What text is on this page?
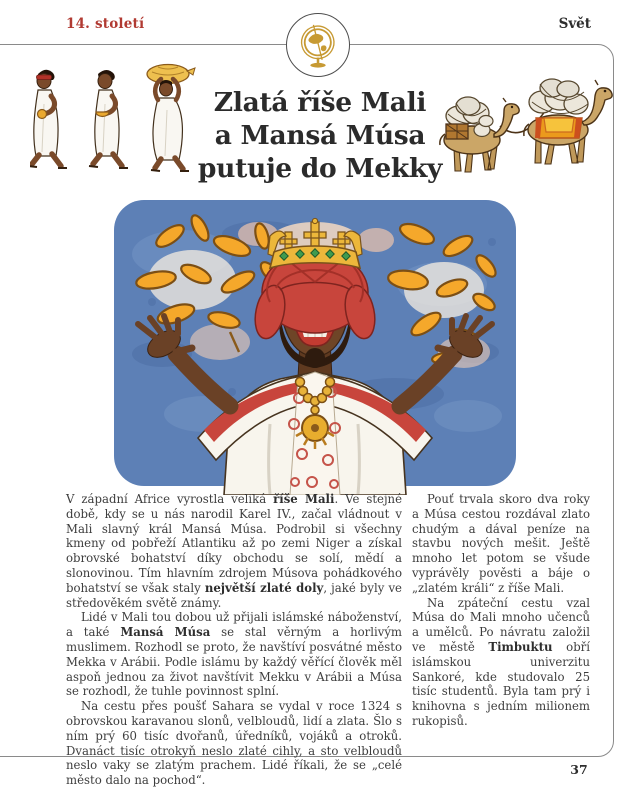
14. století	Svět
Zlatá říše Mali
a Mansá Músa
putuje do Mekky

V západní Africe vyrostla veliká říše Mali. Ve stejné době, kdy se u nás narodil Karel IV., začal vládnout v Mali slavný král Mansá Músa. Podrobil si všechny kmeny od pobřeží Atlantiku až po zemi Niger a získal obrovské bohatství díky obchodu se solí, mědí a slonovinou. Tím hlavním zdrojem Músova pohádkového bohatství se však staly největší zlaté doly, jaké byly ve středověkém světě známy.

Lidé v Mali tou dobou už přijali islámské náboženství, a také Mansá Músa se stal věrným a horlivým muslimem. Rozhodl se proto, že navštíví posvátné město Mekka v Arábii. Podle islámu by každý věřící člověk měl aspoň jednou za život navštívit Mekku v Arábii a Músa se rozhodl, že tuhle povinnost splní.

Na cestu přes poušť Sahara se vydal v roce 1324 s obrovskou karavanou slonů, velbloudů, lidí a zlata. Šlo s ním prý 60 tisíc dvořanů, úředníků, vojáků a otroků. Dvanáct tisíc otrokyň neslo zlaté cihly, a sto velbloudů neslo vaky se zlatým prachem. Lidé říkali, že se „celé město dalo na pochod“.

Pouť trvala skoro dva roky a Músa cestou rozdával zlato chudým a dával peníze na stavbu nových mešit. Ještě mnoho let potom se všude vyprávěly pověsti a báje o „zlatém králi“ z říše Mali.

Na zpáteční cestu vzal Músa do Mali mnoho učenců a umělců. Po návratu založil ve městě Timbuktu obří islámskou univerzitu Sankoré, kde studovalo 25 tisíc studentů. Byla tam prý i knihovna s jedním milionem rukopisů.

37
